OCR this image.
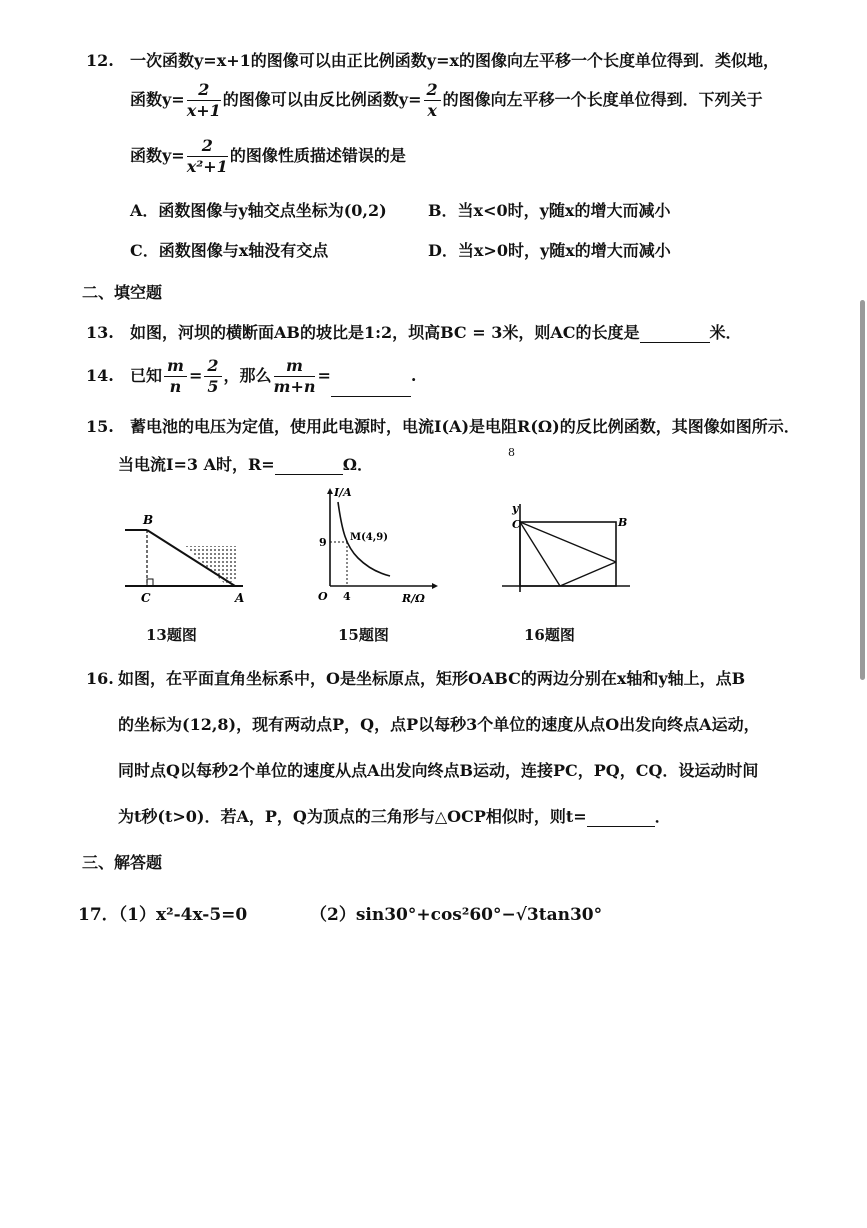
12. 一次函数y=x+1的图像可以由正比例函数y=x的图像向左平移一个长度单位得到．类似地，
函数$y= \frac{2}{x+1}$ 的图像可以由反比例函数$y= \frac{2}{x}$ 的图像向左平移一个长度单位得到．下列关于
函数$y= \frac{2}{\text{x²+1}}$ 的图像性质描述错误的是
A．函数图像与y轴交点坐标为(0,2)	B．当x<0时，y随x的增大而减小
C．函数图像与x轴没有交点	D．当x>0时，y随x的增大而减小
二、填空题
13. 如图，河坝的横断面AB的坡比是1:2，坝高BC = 3米，则AC的长度是	米．
14. 已知 $\frac{m}{n} = \frac{2}{5}$ ，那么 $\frac{m}{m+n}$ =	.
15. 蓄电池的电压为定值，使用此电源时，电流I(A)是电阻R(Ω)的反比例函数，其图像如图所示．
当电流I=3 A时，R=	Ω．
8
B
C	A
13题图
I/A
R/Ω
O
9
4
M(4,9)
15题图
y
C	B
16题图
16. 如图，在平面直角坐标系中，O是坐标原点，矩形OABC的两边分别在x轴和y轴上，点B
的坐标为(12,8)，现有两动点P，Q，点P以每秒3个单位的速度从点O出发向终点A运动，
同时点Q以每秒2个单位的速度从点A出发向终点B运动，连接PC，PQ，CQ．设运动时间
为t秒(t>0)．若A，P，Q为顶点的三角形与△OCP相似时，则t=	．
三、解答题
17．（1）x²-4x-5=0	（2）sin30°+cos²60°−√3tan30°
